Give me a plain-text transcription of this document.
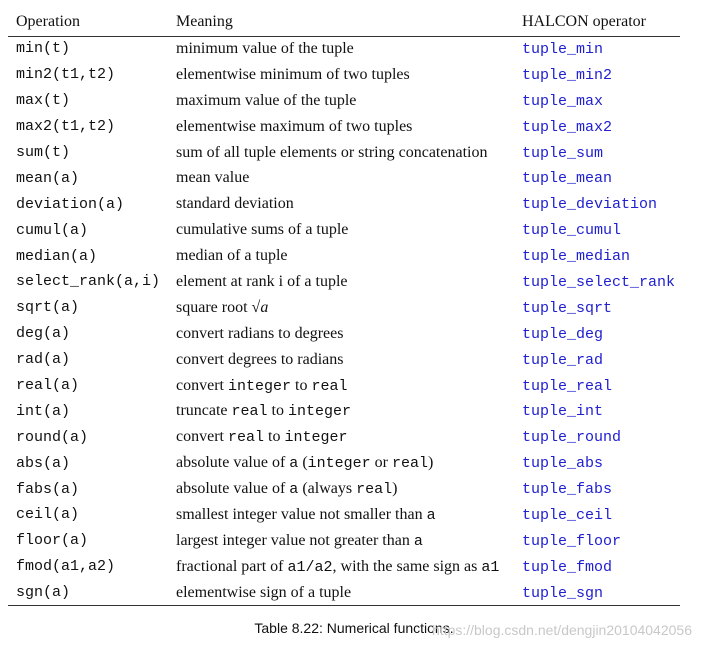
Operation	Meaning	HALCON operator
min(t)	minimum value of the tuple	tuple_min
min2(t1,t2)	elementwise minimum of two tuples	tuple_min2
max(t)	maximum value of the tuple	tuple_max
max2(t1,t2)	elementwise maximum of two tuples	tuple_max2
sum(t)	sum of all tuple elements or string concatenation	tuple_sum
mean(a)	mean value	tuple_mean
deviation(a)	standard deviation	tuple_deviation
cumul(a)	cumulative sums of a tuple	tuple_cumul
median(a)	median of a tuple	tuple_median
select_rank(a,i)	element at rank i of a tuple	tuple_select_rank
sqrt(a)	square root √a	tuple_sqrt
deg(a)	convert radians to degrees	tuple_deg
rad(a)	convert degrees to radians	tuple_rad
real(a)	convert integer to real	tuple_real
int(a)	truncate real to integer	tuple_int
round(a)	convert real to integer	tuple_round
abs(a)	absolute value of a (integer or real)	tuple_abs
fabs(a)	absolute value of a (always real)	tuple_fabs
ceil(a)	smallest integer value not smaller than a	tuple_ceil
floor(a)	largest integer value not greater than a	tuple_floor
fmod(a1,a2)	fractional part of a1/a2, with the same sign as a1	tuple_fmod
sgn(a)	elementwise sign of a tuple	tuple_sgn
Table 8.22: Numerical functions.
https://blog.csdn.net/dengjin20104042056
